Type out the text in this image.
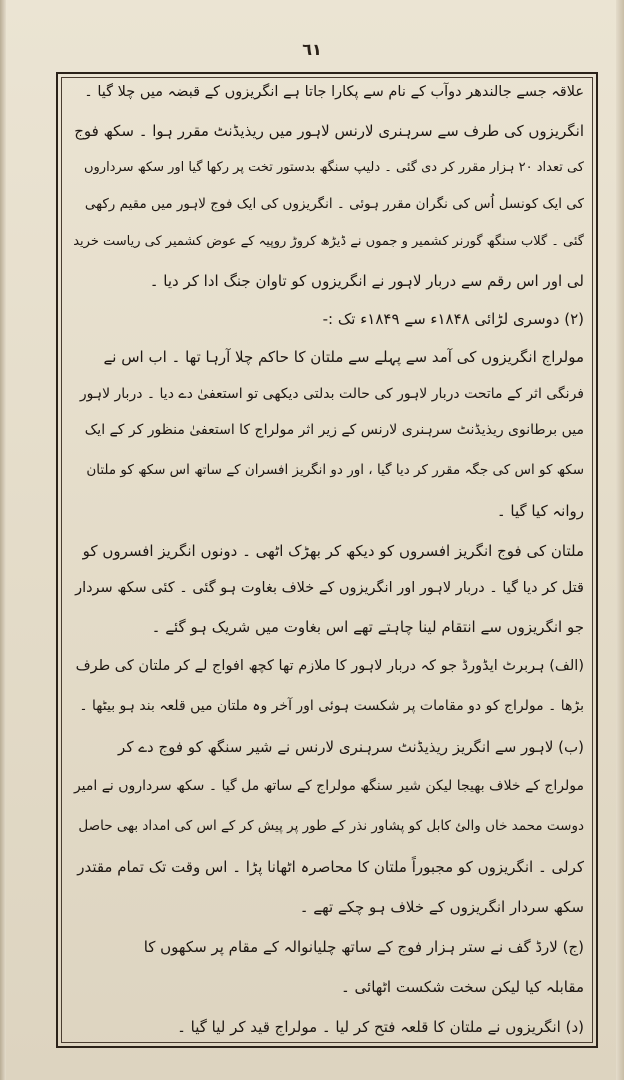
٦١
علاقہ جسے جالندھر دوآب کے نام سے پکارا جاتا ہے انگریزوں کے قبضہ میں چلا گیا ۔
انگریزوں کی طرف سے سرہنری لارنس لاہور میں ریذیڈنٹ مقرر ہوا ۔ سکھ فوج
کی تعداد ۲۰ ہزار مقرر کر دی گئی ۔ دلیپ سنگھ بدستور تخت پر رکھا گیا اور سکھ سرداروں
کی ایک کونسل اُس کی نگران مقرر ہوئی ۔ انگریزوں کی ایک فوج لاہور میں مقیم رکھی
گئی ۔ گلاب سنگھ گورنر کشمیر و جموں نے ڈیڑھ کروڑ روپیہ کے عوض کشمیر کی ریاست خرید
لی اور اس رقم سے دربار لاہور نے انگریزوں کو تاوان جنگ ادا کر دیا ۔
(۲) دوسری لڑائی ۱۸۴۸ء سے ۱۸۴۹ء تک :-
مولراج انگریزوں کی آمد سے پہلے سے ملتان کا حاکم چلا آرہا تھا ۔ اب اس نے
فرنگی اثر کے ماتحت دربار لاہور کی حالت بدلتی دیکھی تو استعفیٰ دے دیا ۔ دربار لاہور
میں برطانوی ریذیڈنٹ سرہنری لارنس کے زیر اثر مولراج کا استعفیٰ منظور کر کے ایک
سکھ کو اس کی جگہ مقرر کر دیا گیا ، اور دو انگریز افسران کے ساتھ اس سکھ کو ملتان
روانہ کیا گیا ۔
ملتان کی فوج انگریز افسروں کو دیکھ کر بھڑک اٹھی ۔ دونوں انگریز افسروں کو
قتل کر دیا گیا ۔ دربار لاہور اور انگریزوں کے خلاف بغاوت ہو گئی ۔ کئی سکھ سردار
جو انگریزوں سے انتقام لینا چاہتے تھے اس بغاوت میں شریک ہو گئے ۔
(الف) ہربرٹ ایڈورڈ جو کہ دربار لاہور کا ملازم تھا کچھ افواج لے کر ملتان کی طرف
بڑھا ۔ مولراج کو دو مقامات پر شکست ہوئی اور آخر وہ ملتان میں قلعہ بند ہو بیٹھا ۔
(ب) لاہور سے انگریز ریذیڈنٹ سرہنری لارنس نے شیر سنگھ کو فوج دے کر
مولراج کے خلاف بھیجا لیکن شیر سنگھ مولراج کے ساتھ مل گیا ۔ سکھ سرداروں نے امیر
دوست محمد خاں والئ کابل کو پشاور نذر کے طور پر پیش کر کے اس کی امداد بھی حاصل
کرلی ۔ انگریزوں کو مجبوراً ملتان کا محاصرہ اٹھانا پڑا ۔ اس وقت تک تمام مقتدر
سکھ سردار انگریزوں کے خلاف ہو چکے تھے ۔
(ج) لارڈ گف نے ستر ہزار فوج کے ساتھ چلیانوالہ کے مقام پر سکھوں کا
مقابلہ کیا لیکن سخت شکست اٹھائی ۔
(د) انگریزوں نے ملتان کا قلعہ فتح کر لیا ۔ مولراج قید کر لیا گیا ۔
